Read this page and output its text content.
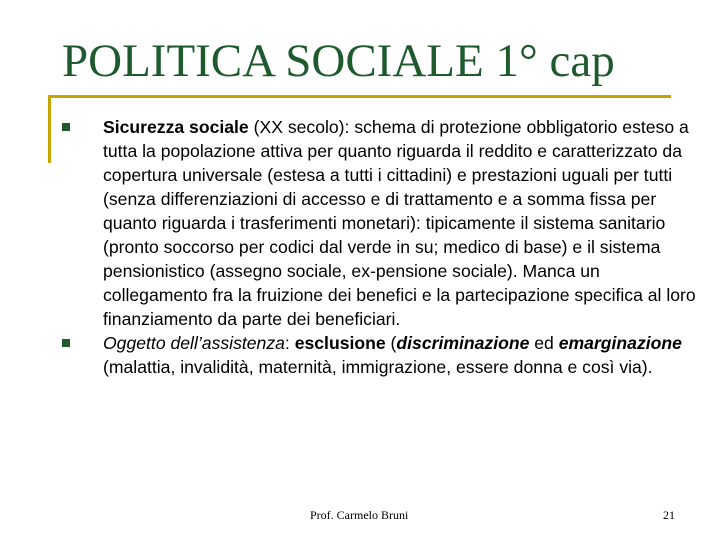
POLITICA SOCIALE 1° cap
Sicurezza sociale (XX secolo): schema di protezione obbligatorio esteso a tutta la popolazione attiva per quanto riguarda il reddito e caratterizzato da copertura universale (estesa a tutti i cittadini) e prestazioni uguali per tutti (senza differenziazioni di accesso e di trattamento e a somma fissa per quanto riguarda i trasferimenti monetari): tipicamente il sistema sanitario (pronto soccorso per codici dal verde in su; medico di base) e il sistema pensionistico (assegno sociale, ex-pensione sociale). Manca un collegamento fra la fruizione dei benefici e la partecipazione specifica al loro finanziamento da parte dei beneficiari.
Oggetto dell’assistenza: esclusione (discriminazione ed emarginazione (malattia, invalidità, maternità, immigrazione, essere donna e così via).
Prof. Carmelo Bruni	21
